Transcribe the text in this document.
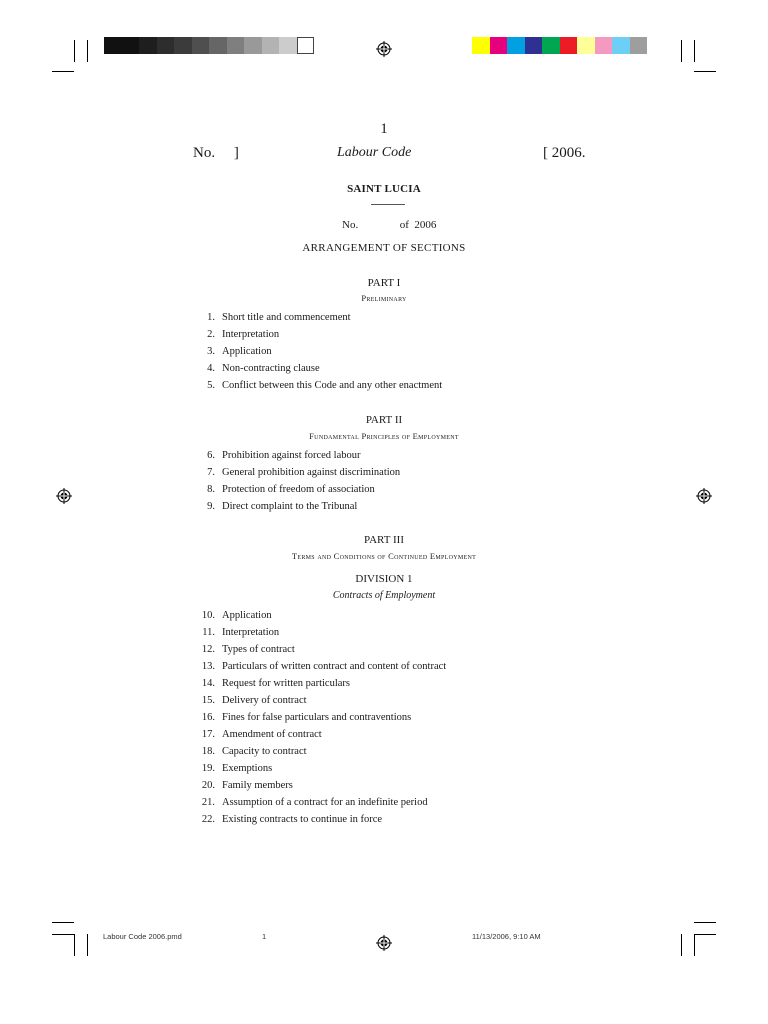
1
No.     ]	Labour Code	[ 2006.
SAINT LUCIA
No.	of  2006
ARRANGEMENT OF SECTIONS
PART I
Preliminary
1. Short title and commencement
2. Interpretation
3. Application
4. Non-contracting clause
5. Conflict between this Code and any other enactment
PART II
Fundamental Principles of Employment
6. Prohibition against forced labour
7. General prohibition against discrimination
8. Protection of freedom of association
9. Direct complaint to the Tribunal
PART III
Terms and Conditions of Continued Employment
DIVISION 1
Contracts of Employment
10. Application
11. Interpretation
12. Types of contract
13. Particulars of written contract and content of contract
14. Request for written particulars
15. Delivery of contract
16. Fines for false particulars and contraventions
17. Amendment of contract
18. Capacity to contract
19. Exemptions
20. Family members
21. Assumption of a contract for an indefinite period
22. Existing contracts to continue in force
Labour Code 2006.pmd	1	11/13/2006, 9:10 AM
